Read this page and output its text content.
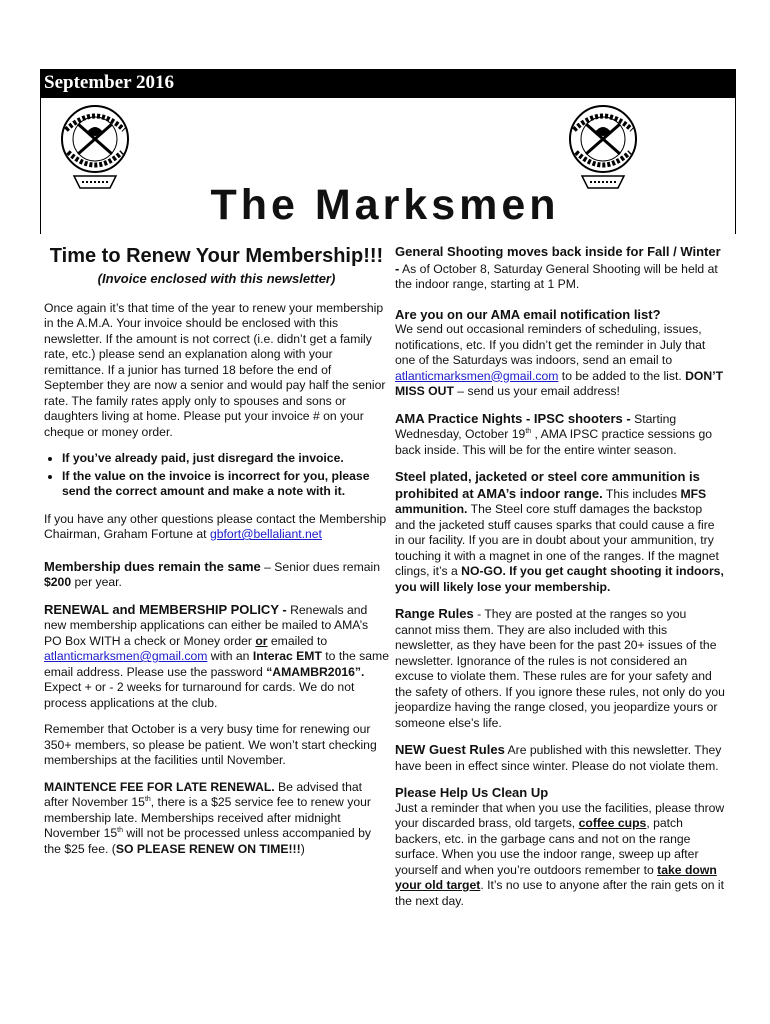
September 2016
The Marksmen
Time to Renew Your Membership!!!
(Invoice enclosed with this newsletter)

Once again it’s that time of the year to renew your membership in the A.M.A. Your invoice should be enclosed with this newsletter. If the amount is not correct (i.e. didn’t get a family rate, etc.) please send an explanation along with your remittance. If a junior has turned 18 before the end of September they are now a senior and would pay half the senior rate. The family rates apply only to spouses and sons or daughters living at home. Please put your invoice # on your cheque or money order.

• If you’ve already paid, just disregard the invoice.
• If the value on the invoice is incorrect for you, please send the correct amount and make a note with it.

If you have any other questions please contact the Membership Chairman, Graham Fortune at gbfort@bellaliant.net

Membership dues remain the same – Senior dues remain $200 per year.

RENEWAL and MEMBERSHIP POLICY - Renewals and new membership applications can either be mailed to AMA’s PO Box WITH a check or Money order or emailed to atlanticmarksmen@gmail.com with an Interac EMT to the same email address. Please use the password “AMAMBR2016”.
Expect + or - 2 weeks for turnaround for cards. We do not process applications at the club.

Remember that October is a very busy time for renewing our 350+ members, so please be patient. We won’t start checking memberships at the facilities until November.

MAINTENCE FEE FOR LATE RENEWAL. Be advised that after November 15th, there is a $25 service fee to renew your membership late. Memberships received after midnight November 15th will not be processed unless accompanied by the $25 fee. (SO PLEASE RENEW ON TIME!!!)

General Shooting moves back inside for Fall / Winter - As of October 8, Saturday General Shooting will be held at the indoor range, starting at 1 PM.

Are you on our AMA email notification list?

We send out occasional reminders of scheduling, issues, notifications, etc. If you didn’t get the reminder in July that one of the Saturdays was indoors, send an email to atlanticmarksmen@gmail.com to be added to the list. DON’T MISS OUT – send us your email address!

AMA Practice Nights - IPSC shooters - Starting Wednesday, October 19th , AMA IPSC practice sessions go back inside. This will be for the entire winter season.

Steel plated, jacketed or steel core ammunition is prohibited at AMA’s indoor range. This includes MFS ammunition. The Steel core stuff damages the backstop and the jacketed stuff causes sparks that could cause a fire in our facility. If you are in doubt about your ammunition, try touching it with a magnet in one of the ranges. If the magnet clings, it’s a NO-GO. If you get caught shooting it indoors, you will likely lose your membership.

Range Rules - They are posted at the ranges so you cannot miss them. They are also included with this newsletter, as they have been for the past 20+ issues of the newsletter. Ignorance of the rules is not considered an excuse to violate them. These rules are for your safety and the safety of others. If you ignore these rules, not only do you jeopardize having the range closed, you jeopardize yours or someone else’s life.

NEW Guest Rules Are published with this newsletter. They have been in effect since winter. Please do not violate them.

Please Help Us Clean Up

Just a reminder that when you use the facilities, please throw your discarded brass, old targets, coffee cups, patch backers, etc. in the garbage cans and not on the range surface. When you use the indoor range, sweep up after yourself and when you’re outdoors remember to take down your old target. It’s no use to anyone after the rain gets on it the next day.
